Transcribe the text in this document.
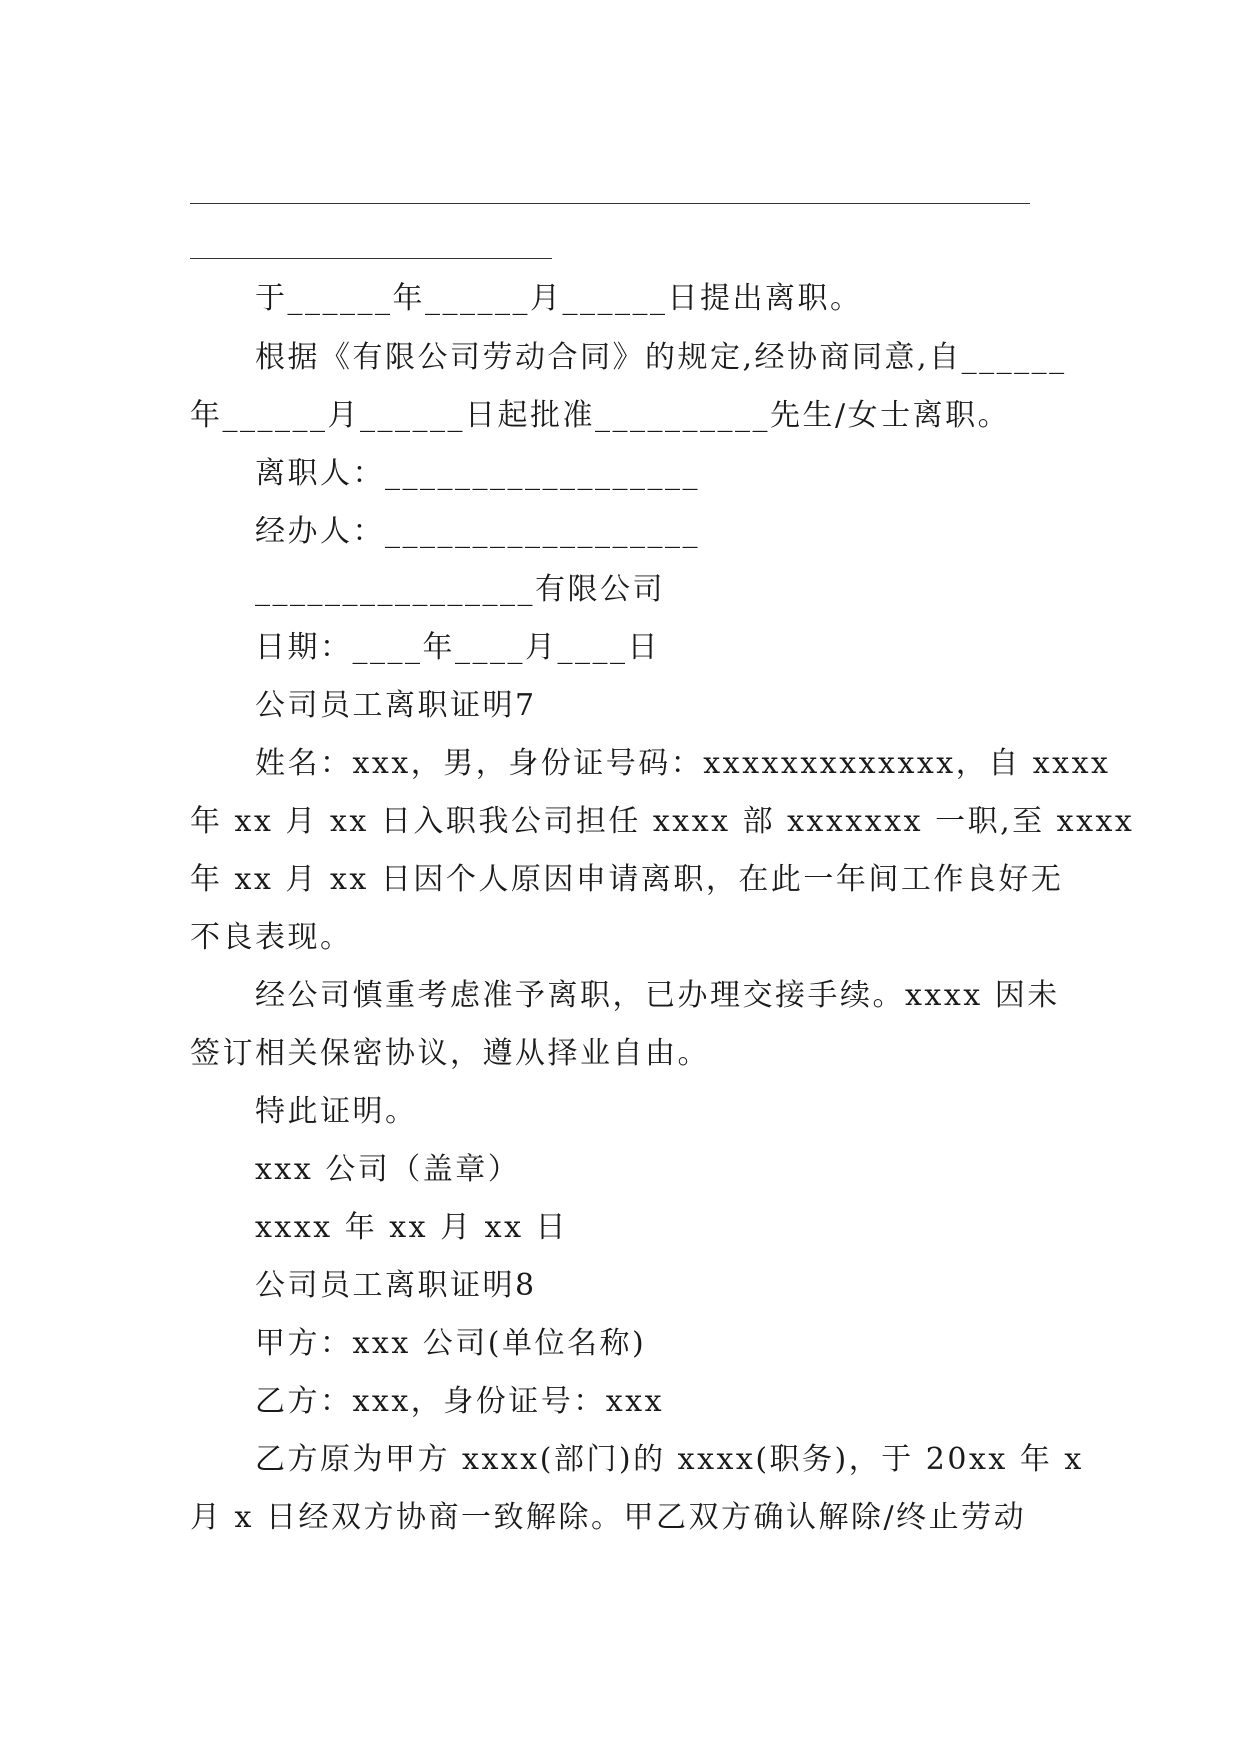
于______年______月______日提出离职。
根据《有限公司劳动合同》的规定,经协商同意,自______
年______月______日起批准__________先生/女士离职。
离职人：__________________
经办人：__________________
________________有限公司
日期：____年____月____日
公司员工离职证明7
姓名：xxx，男，身份证号码：xxxxxxxxxxxxx，自 xxxx
年 xx 月 xx 日入职我公司担任 xxxx 部 xxxxxxx 一职,至 xxxx
年 xx 月 xx 日因个人原因申请离职，在此一年间工作良好无
不良表现。
经公司慎重考虑准予离职，已办理交接手续。xxxx 因未
签订相关保密协议，遵从择业自由。
特此证明。
xxx 公司（盖章）
xxxx 年 xx 月 xx 日
公司员工离职证明8
甲方：xxx 公司(单位名称)
乙方：xxx，身份证号：xxx
乙方原为甲方 xxxx(部门)的 xxxx(职务)，于 20xx 年 x
月 x 日经双方协商一致解除。甲乙双方确认解除/终止劳动
